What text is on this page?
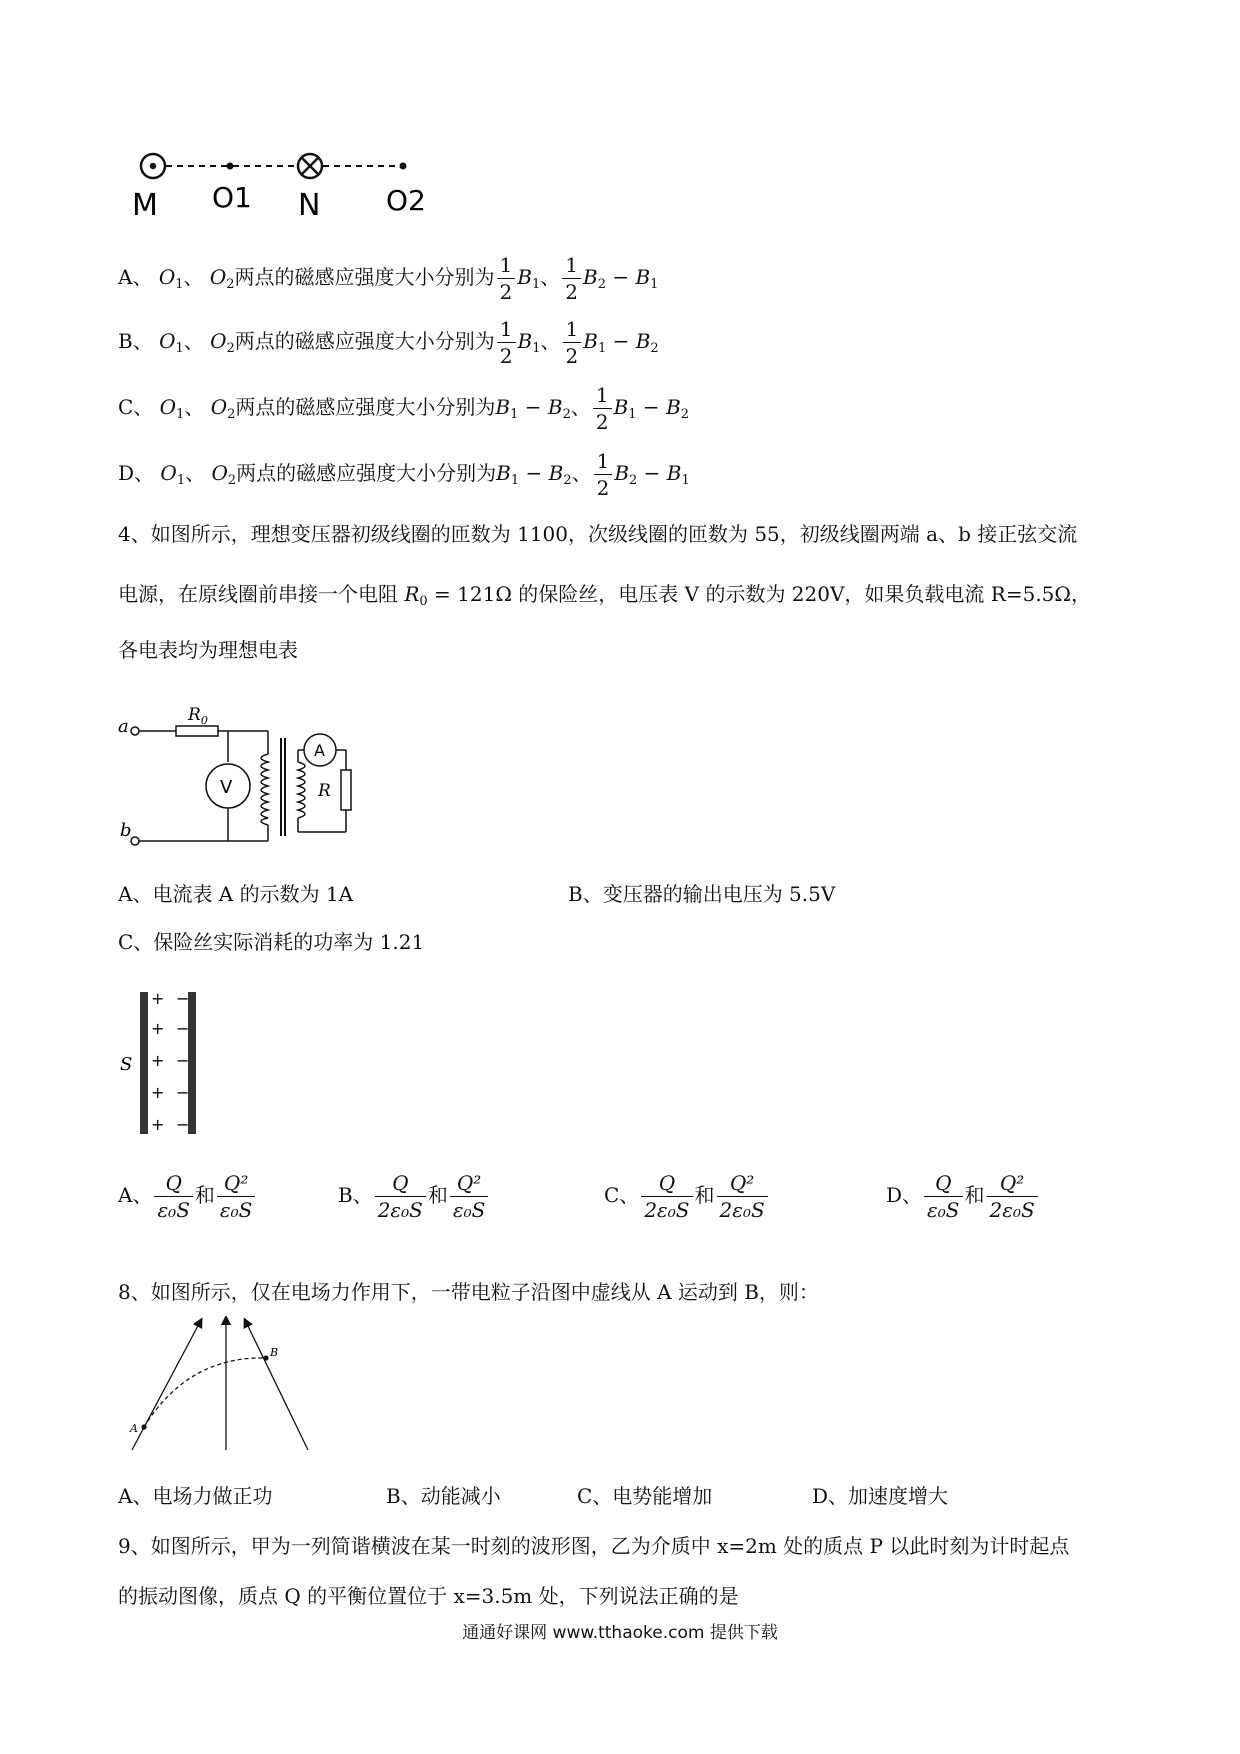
M O1 N O2
A、 $O_1$、 $O_2$两点的磁感应强度大小分别为 $\frac{1}{2} B_1$、 $\frac{1}{2} B_2 - B_1$
B、 $O_1$、 $O_2$两点的磁感应强度大小分别为 $\frac{1}{2} B_1$、 $\frac{1}{2} B_1 - B_2$
C、 $O_1$、 $O_2$两点的磁感应强度大小分别为$B_1 - B_2$、 $\frac{1}{2} B_1 - B_2$
D、 $O_1$、 $O_2$两点的磁感应强度大小分别为$B_1 - B_2$、 $\frac{1}{2} B_2 - B_1$
4、如图所示，理想变压器初级线圈的匝数为 1100，次级线圈的匝数为 55，初级线圈两端 a、b 接正弦交流
电源，在原线圈前串接一个电阻 $R_0 = 121\Omega$ 的保险丝，电压表 V 的示数为 220V，如果负载电流 R=5.5Ω，
各电表均为理想电表
a
b
$R_0$
V
A
R
A、电流表 A 的示数为 1A	B、变压器的输出电压为 5.5V
C、保险丝实际消耗的功率为 1.21
+
+
+
+
+
−
−
−
−
−
S
A、 $\frac{Q}{\text{ε₀S}}$ 和 $\frac{\text{Q²}}{\text{ε₀S}}$	B、 $\frac{Q}{\text{2ε₀S}}$ 和 $\frac{\text{Q²}}{\text{ε₀S}}$	C、 $\frac{Q}{\text{2ε₀S}}$ 和 $\frac{\text{Q²}}{\text{2ε₀S}}$	D、 $\frac{Q}{\text{ε₀S}}$ 和 $\frac{\text{Q²}}{\text{2ε₀S}}$
8、如图所示，仅在电场力作用下，一带电粒子沿图中虚线从 A 运动到 B，则：
A
B
A、电场力做正功	B、动能减小	C、电势能增加	D、加速度增大
9、如图所示，甲为一列简谐横波在某一时刻的波形图，乙为介质中 x=2m 处的质点 P 以此时刻为计时起点
的振动图像，质点 Q 的平衡位置位于 x=3.5m 处，下列说法正确的是
通通好课网 www.tthaoke.com 提供下载
